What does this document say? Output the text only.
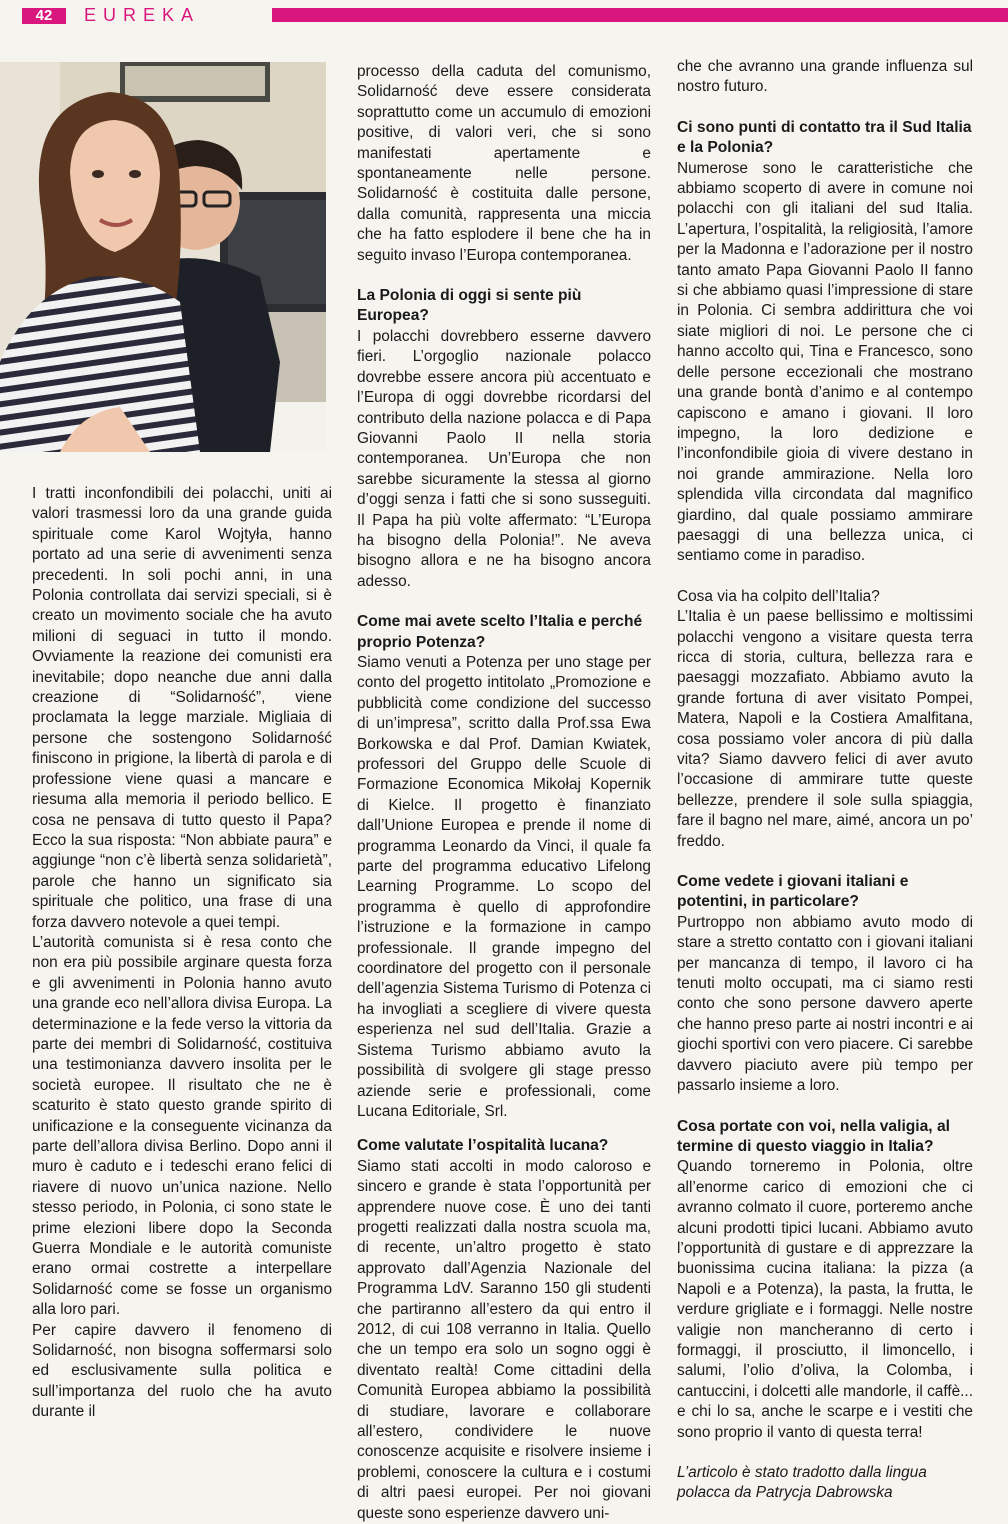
42	EUREKA

I tratti inconfondibili dei polacchi, uniti ai valori trasmessi loro da una grande guida spirituale come Karol Wojtyła, hanno portato ad una serie di avvenimenti senza precedenti. In soli pochi anni, in una Polonia controllata dai servizi speciali, si è creato un movimento sociale che ha avuto milioni di seguaci in tutto il mondo. Ovviamente la reazione dei comunisti era inevitabile; dopo neanche due anni dalla creazione di “Solidarność”, viene proclamata la legge marziale. Migliaia di persone che sostengono Solidarność finiscono in prigione, la libertà di parola e di professione viene quasi a mancare e riesuma alla memoria il periodo bellico. E cosa ne pensava di tutto questo il Papa? Ecco la sua risposta: “Non abbiate paura” e aggiunge “non c’è libertà senza solidarietà”, parole che hanno un significato sia spirituale che politico, una frase di una forza davvero notevole a quei tempi.

L’autorità comunista si è resa conto che non era più possibile arginare questa forza e gli avvenimenti in Polonia hanno avuto una grande eco nell’allora divisa Europa. La determinazione e la fede verso la vittoria da parte dei membri di Solidarność, costituiva una testimonianza davvero insolita per le società europee. Il risultato che ne è scaturito è stato questo grande spirito di unificazione e la conseguente vicinanza da parte dell’allora divisa Berlino. Dopo anni il muro è caduto e i tedeschi erano felici di riavere di nuovo un’unica nazione. Nello stesso periodo, in Polonia, ci sono state le prime elezioni libere dopo la Seconda Guerra Mondiale e le autorità comuniste erano ormai costrette a interpellare Solidarność come se fosse un organismo alla loro pari.

Per capire davvero il fenomeno di Solidarność, non bisogna soffermarsi solo ed esclusivamente sulla politica e sull’importanza del ruolo che ha avuto durante il

processo della caduta del comunismo, Solidarność deve essere considerata soprattutto come un accumulo di emozioni positive, di valori veri, che si sono manifestati apertamente e spontaneamente nelle persone. Solidarność è costituita dalle persone, dalla comunità, rappresenta una miccia che ha fatto esplodere il bene che ha in seguito invaso l’Europa contemporanea.

La Polonia di oggi si sente più Europea?

I polacchi dovrebbero esserne davvero fieri. L’orgoglio nazionale polacco dovrebbe essere ancora più accentuato e l’Europa di oggi dovrebbe ricordarsi del contributo della nazione polacca e di Papa Giovanni Paolo II nella storia contemporanea. Un’Europa che non sarebbe sicuramente la stessa al giorno d’oggi senza i fatti che si sono susseguiti. Il Papa ha più volte affermato: “L’Europa ha bisogno della Polonia!”. Ne aveva bisogno allora e ne ha bisogno ancora adesso.

Come mai avete scelto l’Italia e perché proprio Potenza?

Siamo venuti a Potenza per uno stage per conto del progetto intitolato „Promozione e pubblicità come condizione del successo di un’impresa”, scritto dalla Prof.ssa Ewa Borkowska e dal Prof. Damian Kwiatek, professori del Gruppo delle Scuole di Formazione Economica Mikołaj Kopernik di Kielce. Il progetto è finanziato dall’Unione Europea e prende il nome di programma Leonardo da Vinci, il quale fa parte del programma educativo Lifelong Learning Programme. Lo scopo del programma è quello di approfondire l’istruzione e la formazione in campo professionale. Il grande impegno del coordinatore del progetto con il personale dell’agenzia Sistema Turismo di Potenza ci ha invogliati a scegliere di vivere questa esperienza nel sud dell’Italia. Grazie a Sistema Turismo abbiamo avuto la possibilità di svolgere gli stage presso aziende serie e professionali, come Lucana Editoriale, Srl.

Come valutate l’ospitalità lucana?

Siamo stati accolti in modo caloroso e sincero e grande è stata l’opportunità per apprendere nuove cose. È uno dei tanti progetti realizzati dalla nostra scuola ma, di recente, un’altro progetto è stato approvato dall’Agenzia Nazionale del Programma LdV. Saranno 150 gli studenti che partiranno all’estero da qui entro il 2012, di cui 108 verranno in Italia. Quello che un tempo era solo un sogno oggi è diventato realtà! Come cittadini della Comunità Europea abbiamo la possibilità di studiare, lavorare e collaborare all’estero, condividere le nuove conoscenze acquisite e risolvere insieme i problemi, conoscere la cultura e i costumi di altri paesi europei. Per noi giovani queste sono esperienze davvero uni-

che che avranno una grande influenza sul nostro futuro.

Ci sono punti di contatto tra il Sud Italia e la Polonia?

Numerose sono le caratteristiche che abbiamo scoperto di avere in comune noi polacchi con gli italiani del sud Italia. L’apertura, l’ospitalità, la religiosità, l’amore per la Madonna e l’adorazione per il nostro tanto amato Papa Giovanni Paolo II fanno si che abbiamo quasi l’impressione di stare in Polonia. Ci sembra addirittura che voi siate migliori di noi. Le persone che ci hanno accolto qui, Tina e Francesco, sono delle persone eccezionali che mostrano una grande bontà d’animo e al contempo capiscono e amano i giovani. Il loro impegno, la loro dedizione e l’inconfondibile gioia di vivere destano in noi grande ammirazione. Nella loro splendida villa circondata dal magnifico giardino, dal quale possiamo ammirare paesaggi di una bellezza unica, ci sentiamo come in paradiso.

Cosa via ha colpito dell’Italia?

L’Italia è un paese bellissimo e moltissimi polacchi vengono a visitare questa terra ricca di storia, cultura, bellezza rara e paesaggi mozzafiato. Abbiamo avuto la grande fortuna di aver visitato Pompei, Matera, Napoli e la Costiera Amalfitana, cosa possiamo voler ancora di più dalla vita? Siamo davvero felici di aver avuto l’occasione di ammirare tutte queste bellezze, prendere il sole sulla spiaggia, fare il bagno nel mare, aimé, ancora un po’ freddo.

Come vedete i giovani italiani e potentini, in particolare?

Purtroppo non abbiamo avuto modo di stare a stretto contatto con i giovani italiani per mancanza di tempo, il lavoro ci ha tenuti molto occupati, ma ci siamo resti conto che sono persone davvero aperte che hanno preso parte ai nostri incontri e ai giochi sportivi con vero piacere. Ci sarebbe davvero piaciuto avere più tempo per passarlo insieme a loro.

Cosa portate con voi, nella valigia, al termine di questo viaggio in Italia?

Quando torneremo in Polonia, oltre all’enorme carico di emozioni che ci avranno colmato il cuore, porteremo anche alcuni prodotti tipici lucani. Abbiamo avuto l’opportunità di gustare e di apprezzare la buonissima cucina italiana: la pizza (a Napoli e a Potenza), la pasta, la frutta, le verdure grigliate e i formaggi. Nelle nostre valigie non mancheranno di certo i formaggi, il prosciutto, il limoncello, i salumi, l’olio d’oliva, la Colomba, i cantuccini, i dolcetti alle mandorle, il caffè... e chi lo sa, anche le scarpe e i vestiti che sono proprio il vanto di questa terra!

L’articolo è stato tradotto dalla lingua polacca da Patrycja Dabrowska
